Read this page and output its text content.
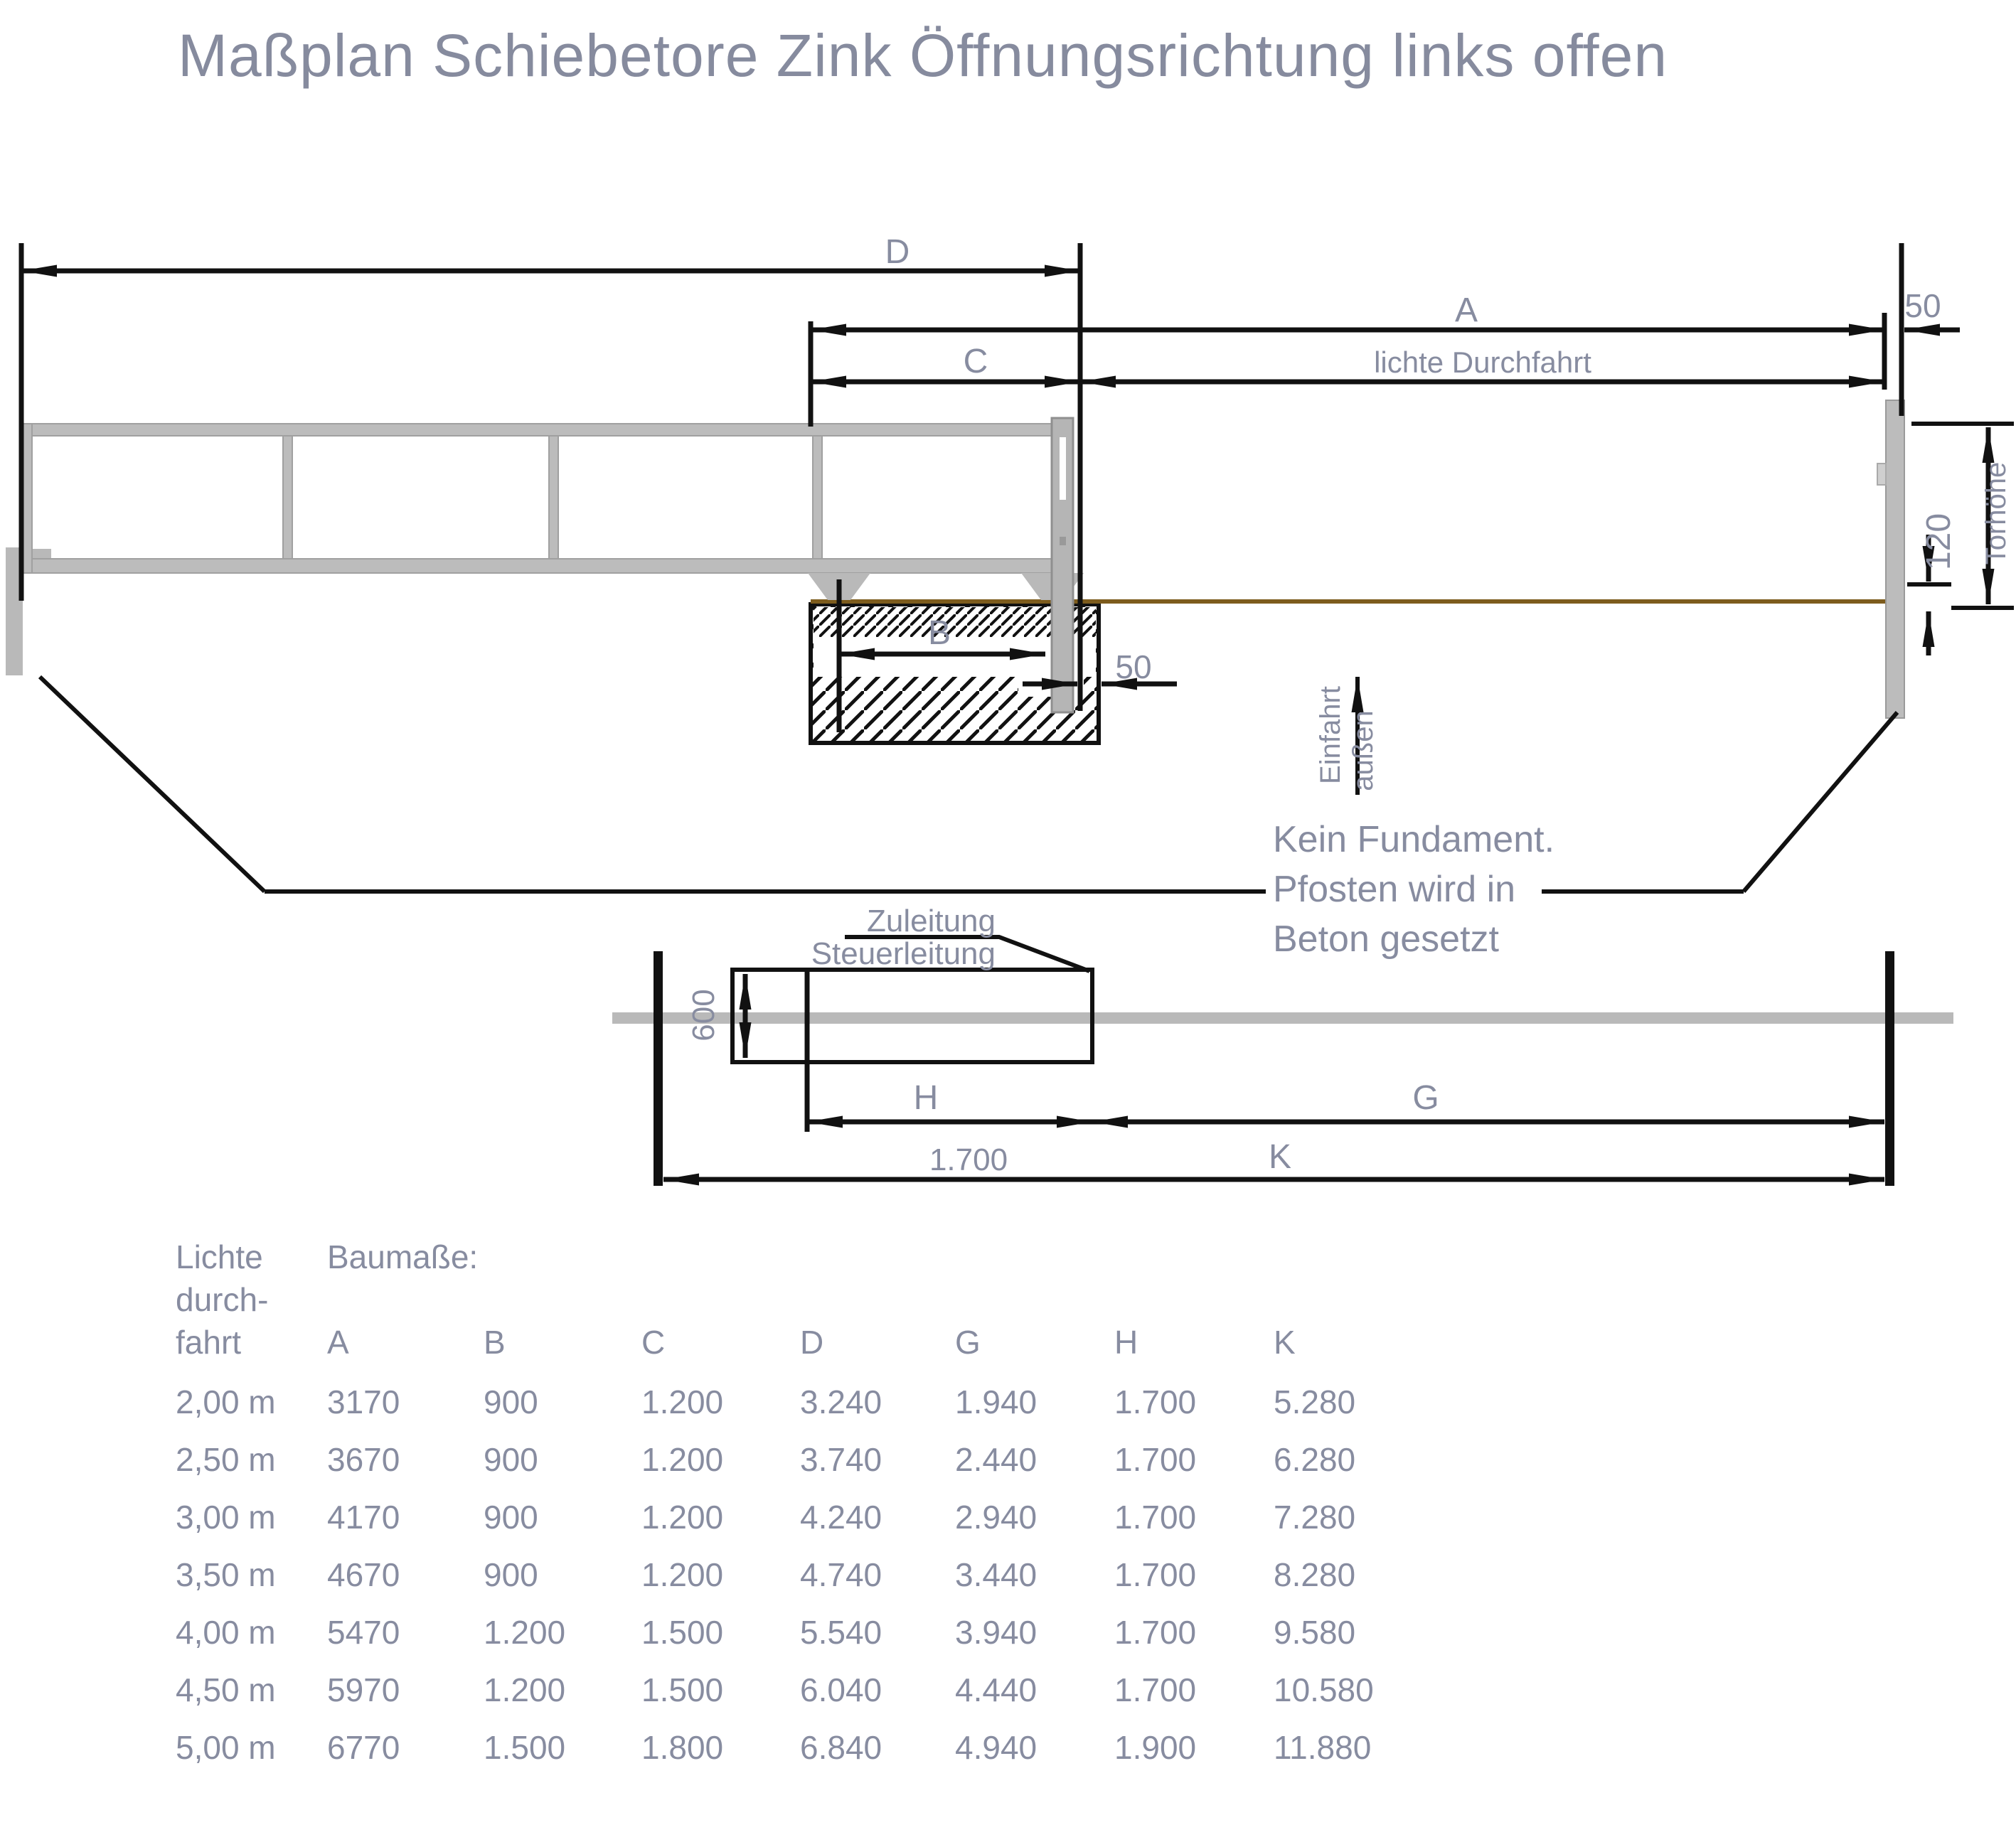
Maßplan Schiebetore Zink Öffnungsrichtung links offen
D
A	50
lichte Durchfahrt
C
B
50
120 Torhöhe
Einfahrt außen
600
Zuleitung
Steuerleitung
H
1.700
G
K
Kein Fundament.
Pfosten wird in
Beton gesetzt
Lichte	Baumaße:
durch-
fahrt	A	B	C	D	G	H	K
2,00 m	3170	900	1.200	3.240	1.940	1.700	5.280
2,50 m	3670	900	1.200	3.740	2.440	1.700	6.280
3,00 m	4170	900	1.200	4.240	2.940	1.700	7.280
3,50 m	4670	900	1.200	4.740	3.440	1.700	8.280
4,00 m	5470	1.200	1.500	5.540	3.940	1.700	9.580
4,50 m	5970	1.200	1.500	6.040	4.440	1.700	10.580
5,00 m	6770	1.500	1.800	6.840	4.940	1.900	11.880
